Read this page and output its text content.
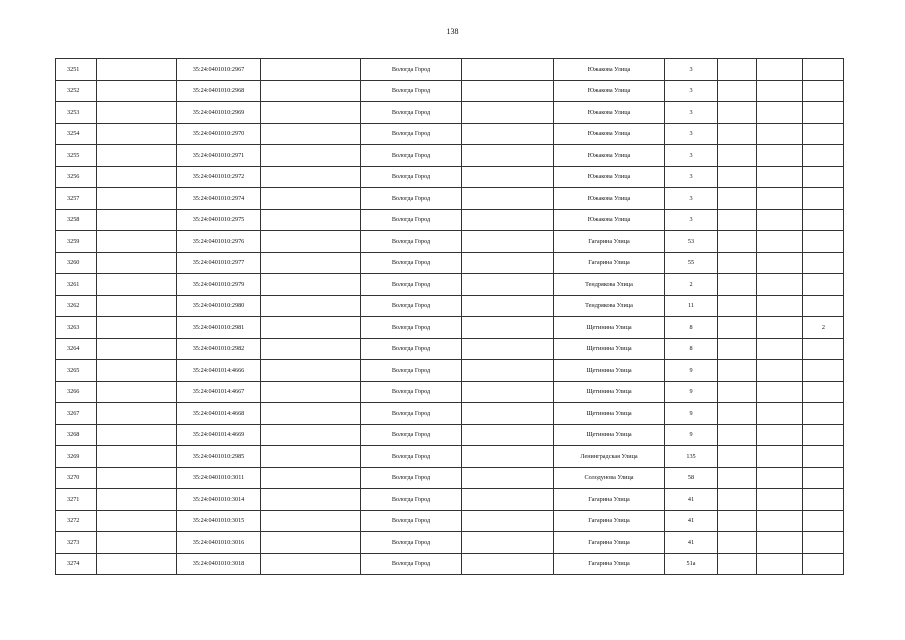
138
3251		35:24:0401010:2967		Вологда Город		Южакова Улица	3			
3252		35:24:0401010:2968		Вологда Город		Южакова Улица	3			
3253		35:24:0401010:2969		Вологда Город		Южакова Улица	3			
3254		35:24:0401010:2970		Вологда Город		Южакова Улица	3			
3255		35:24:0401010:2971		Вологда Город		Южакова Улица	3			
3256		35:24:0401010:2972		Вологда Город		Южакова Улица	3			
3257		35:24:0401010:2974		Вологда Город		Южакова Улица	3			
3258		35:24:0401010:2975		Вологда Город		Южакова Улица	3			
3259		35:24:0401010:2976		Вологда Город		Гагарина Улица	53			
3260		35:24:0401010:2977		Вологда Город		Гагарина Улица	55			
3261		35:24:0401010:2979		Вологда Город		Тендрякова Улица	2			
3262		35:24:0401010:2980		Вологда Город		Тендрякова Улица	11			
3263		35:24:0401010:2981		Вологда Город		Щетинина Улица	8			2
3264		35:24:0401010:2982		Вологда Город		Щетинина Улица	8			
3265		35:24:0401014:4666		Вологда Город		Щетинина Улица	9			
3266		35:24:0401014:4667		Вологда Город		Щетинина Улица	9			
3267		35:24:0401014:4668		Вологда Город		Щетинина Улица	9			
3268		35:24:0401014:4669		Вологда Город		Щетинина Улица	9			
3269		35:24:0401010:2985		Вологда Город		Ленинградская Улица	135			
3270		35:24:0401010:3011		Вологда Город		Солодунова Улица	58			
3271		35:24:0401010:3014		Вологда Город		Гагарина Улица	41			
3272		35:24:0401010:3015		Вологда Город		Гагарина Улица	41			
3273		35:24:0401010:3016		Вологда Город		Гагарина Улица	41			
3274		35:24:0401010:3018		Вологда Город		Гагарина Улица	51а			
